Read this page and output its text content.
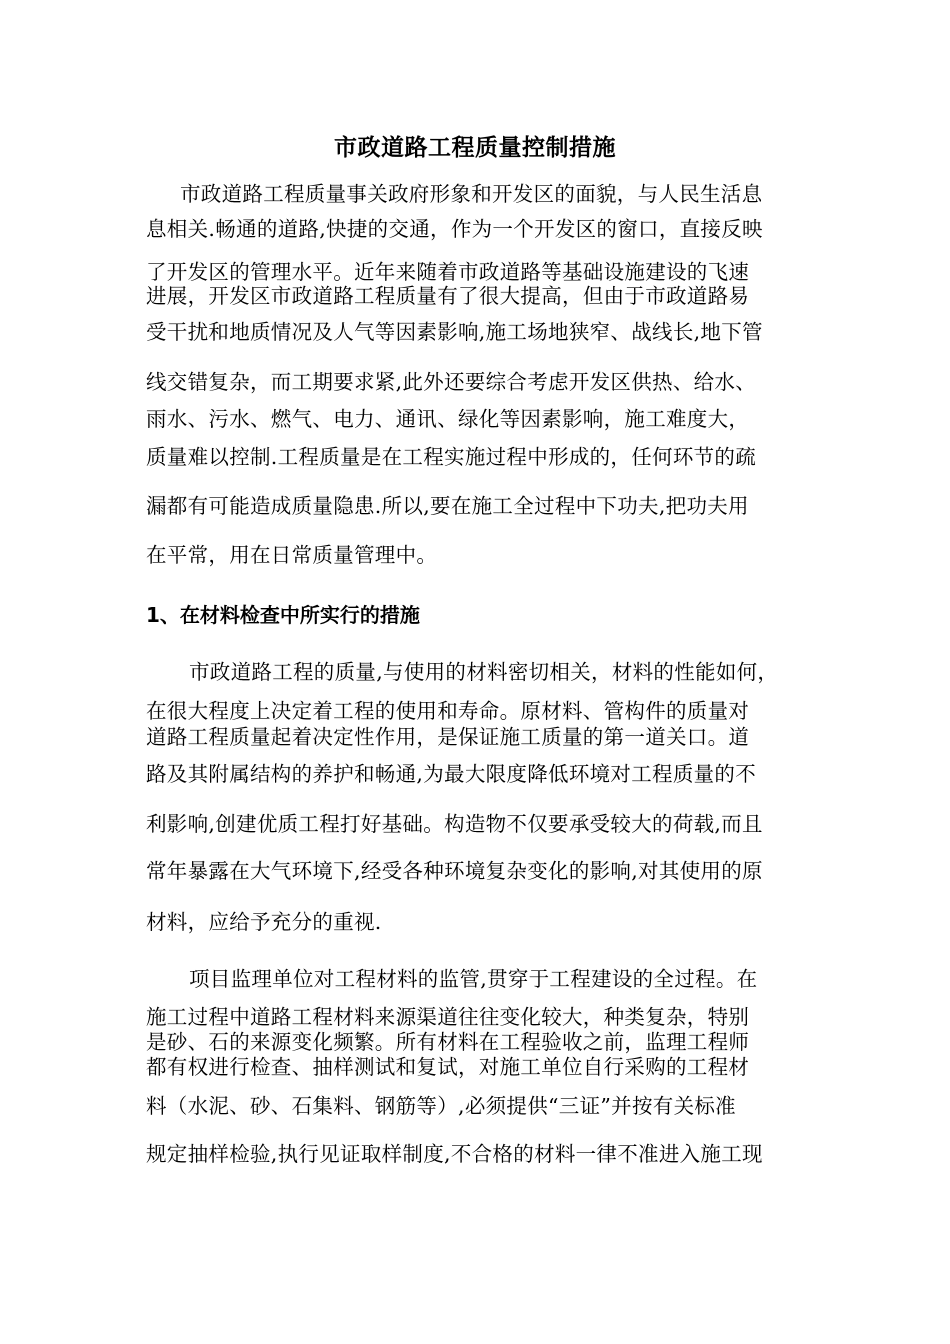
市政道路工程质量控制措施
市政道路工程质量事关政府形象和开发区的面貌，与人民生活息
息相关.畅通的道路,快捷的交通，作为一个开发区的窗口，直接反映
了开发区的管理水平。近年来随着市政道路等基础设施建设的飞速
进展，开发区市政道路工程质量有了很大提高，但由于市政道路易
受干扰和地质情况及人气等因素影响,施工场地狭窄、战线长,地下管
线交错复杂，而工期要求紧,此外还要综合考虑开发区供热、给水、
雨水、污水、燃气、电力、通讯、绿化等因素影响，施工难度大，
质量难以控制.工程质量是在工程实施过程中形成的，任何环节的疏
漏都有可能造成质量隐患.所以,要在施工全过程中下功夫,把功夫用
在平常，用在日常质量管理中。
1、在材料检查中所实行的措施
市政道路工程的质量,与使用的材料密切相关，材料的性能如何，
在很大程度上决定着工程的使用和寿命。原材料、管构件的质量对
道路工程质量起着决定性作用，是保证施工质量的第一道关口。道
路及其附属结构的养护和畅通,为最大限度降低环境对工程质量的不
利影响,创建优质工程打好基础。构造物不仅要承受较大的荷载,而且
常年暴露在大气环境下,经受各种环境复杂变化的影响,对其使用的原
材料，应给予充分的重视.
项目监理单位对工程材料的监管,贯穿于工程建设的全过程。在
施工过程中道路工程材料来源渠道往往变化较大，种类复杂，特别
是砂、石的来源变化频繁。所有材料在工程验收之前，监理工程师
都有权进行检查、抽样测试和复试，对施工单位自行采购的工程材
料（水泥、砂、石集料、钢筋等）,必须提供“三证”并按有关标准
规定抽样检验,执行见证取样制度,不合格的材料一律不准进入施工现
